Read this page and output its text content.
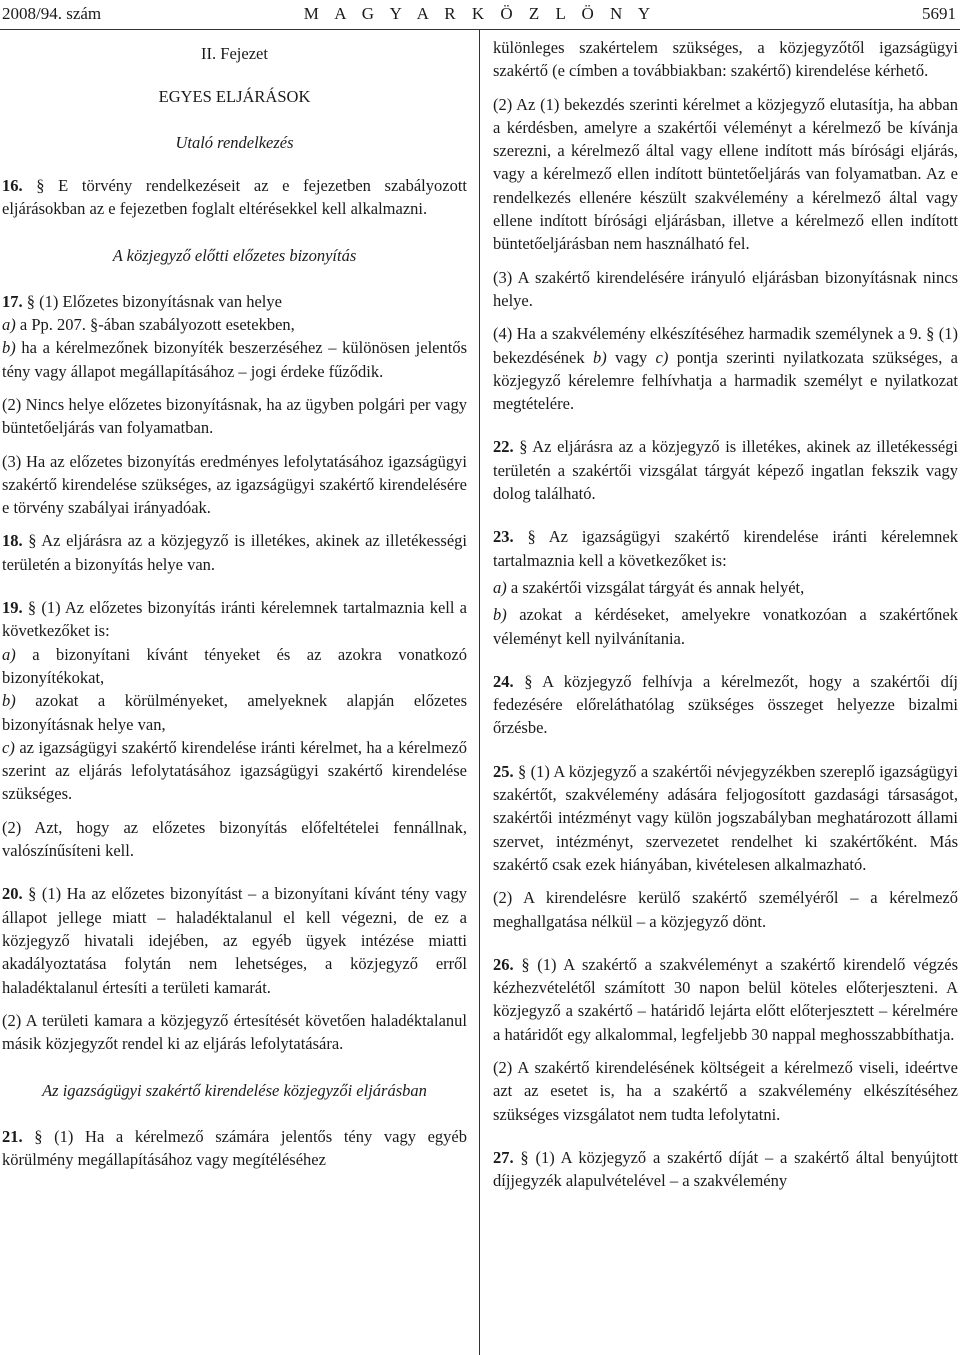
2008/94. szám	M A G Y A R K Ö Z L Ö N Y	5691

II. Fejezet

EGYES ELJÁRÁSOK

Utaló rendelkezés

16. § E törvény rendelkezéseit az e fejezetben szabályozott eljárásokban az e fejezetben foglalt eltérésekkel kell alkalmazni.

A közjegyző előtti előzetes bizonyítás

17. § (1) Előzetes bizonyításnak van helye

a) a Pp. 207. §-ában szabályozott esetekben,

b) ha a kérelmezőnek bizonyíték beszerzéséhez – különösen jelentős tény vagy állapot megállapításához – jogi érdeke fűződik.

(2) Nincs helye előzetes bizonyításnak, ha az ügyben polgári per vagy büntetőeljárás van folyamatban.

(3) Ha az előzetes bizonyítás eredményes lefolytatásához igazságügyi szakértő kirendelése szükséges, az igazságügyi szakértő kirendelésére e törvény szabályai irányadóak.

18. § Az eljárásra az a közjegyző is illetékes, akinek az illetékességi területén a bizonyítás helye van.

19. § (1) Az előzetes bizonyítás iránti kérelemnek tartalmaznia kell a következőket is:

a) a bizonyítani kívánt tényeket és az azokra vonatkozó bizonyítékokat,

b) azokat a körülményeket, amelyeknek alapján előzetes bizonyításnak helye van,

c) az igazságügyi szakértő kirendelése iránti kérelmet, ha a kérelmező szerint az eljárás lefolytatásához igazságügyi szakértő kirendelése szükséges.

(2) Azt, hogy az előzetes bizonyítás előfeltételei fennállnak, valószínűsíteni kell.

20. § (1) Ha az előzetes bizonyítást – a bizonyítani kívánt tény vagy állapot jellege miatt – haladéktalanul el kell végezni, de ez a közjegyző hivatali idejében, az egyéb ügyek intézése miatti akadályoztatása folytán nem lehetséges, a közjegyző erről haladéktalanul értesíti a területi kamarát.

(2) A területi kamara a közjegyző értesítését követően haladéktalanul másik közjegyzőt rendel ki az eljárás lefolytatására.

Az igazságügyi szakértő kirendelése közjegyzői eljárásban

21. § (1) Ha a kérelmező számára jelentős tény vagy egyéb körülmény megállapításához vagy megítéléséhez

különleges szakértelem szükséges, a közjegyzőtől igazságügyi szakértő (e címben a továbbiakban: szakértő) kirendelése kérhető.

(2) Az (1) bekezdés szerinti kérelmet a közjegyző elutasítja, ha abban a kérdésben, amelyre a szakértői véleményt a kérelmező be kívánja szerezni, a kérelmező által vagy ellene indított más bírósági eljárás, vagy a kérelmező ellen indított büntetőeljárás van folyamatban. Az e rendelkezés ellenére készült szakvélemény a kérelmező által vagy ellene indított bírósági eljárásban, illetve a kérelmező ellen indított büntetőeljárásban nem használható fel.

(3) A szakértő kirendelésére irányuló eljárásban bizonyításnak nincs helye.

(4) Ha a szakvélemény elkészítéséhez harmadik személynek a 9. § (1) bekezdésének b) vagy c) pontja szerinti nyilatkozata szükséges, a közjegyző kérelemre felhívhatja a harmadik személyt e nyilatkozat megtételére.

22. § Az eljárásra az a közjegyző is illetékes, akinek az illetékességi területén a szakértői vizsgálat tárgyát képező ingatlan fekszik vagy dolog található.

23. § Az igazságügyi szakértő kirendelése iránti kérelemnek tartalmaznia kell a következőket is:

a) a szakértői vizsgálat tárgyát és annak helyét,

b) azokat a kérdéseket, amelyekre vonatkozóan a szakértőnek véleményt kell nyilvánítania.

24. § A közjegyző felhívja a kérelmezőt, hogy a szakértői díj fedezésére előreláthatólag szükséges összeget helyezze bizalmi őrzésbe.

25. § (1) A közjegyző a szakértői névjegyzékben szereplő igazságügyi szakértőt, szakvélemény adására feljogosított gazdasági társaságot, szakértői intézményt vagy külön jogszabályban meghatározott állami szervet, intézményt, szervezetet rendelhet ki szakértőként. Más szakértő csak ezek hiányában, kivételesen alkalmazható.

(2) A kirendelésre kerülő szakértő személyéről – a kérelmező meghallgatása nélkül – a közjegyző dönt.

26. § (1) A szakértő a szakvéleményt a szakértő kirendelő végzés kézhezvételétől számított 30 napon belül köteles előterjeszteni. A közjegyző a szakértő – határidő lejárta előtt előterjesztett – kérelmére a határidőt egy alkalommal, legfeljebb 30 nappal meghosszabbíthatja.

(2) A szakértő kirendelésének költségeit a kérelmező viseli, ideértve azt az esetet is, ha a szakértő a szakvélemény elkészítéséhez szükséges vizsgálatot nem tudta lefolytatni.

27. § (1) A közjegyző a szakértő díját – a szakértő által benyújtott díjjegyzék alapulvételével – a szakvélemény
